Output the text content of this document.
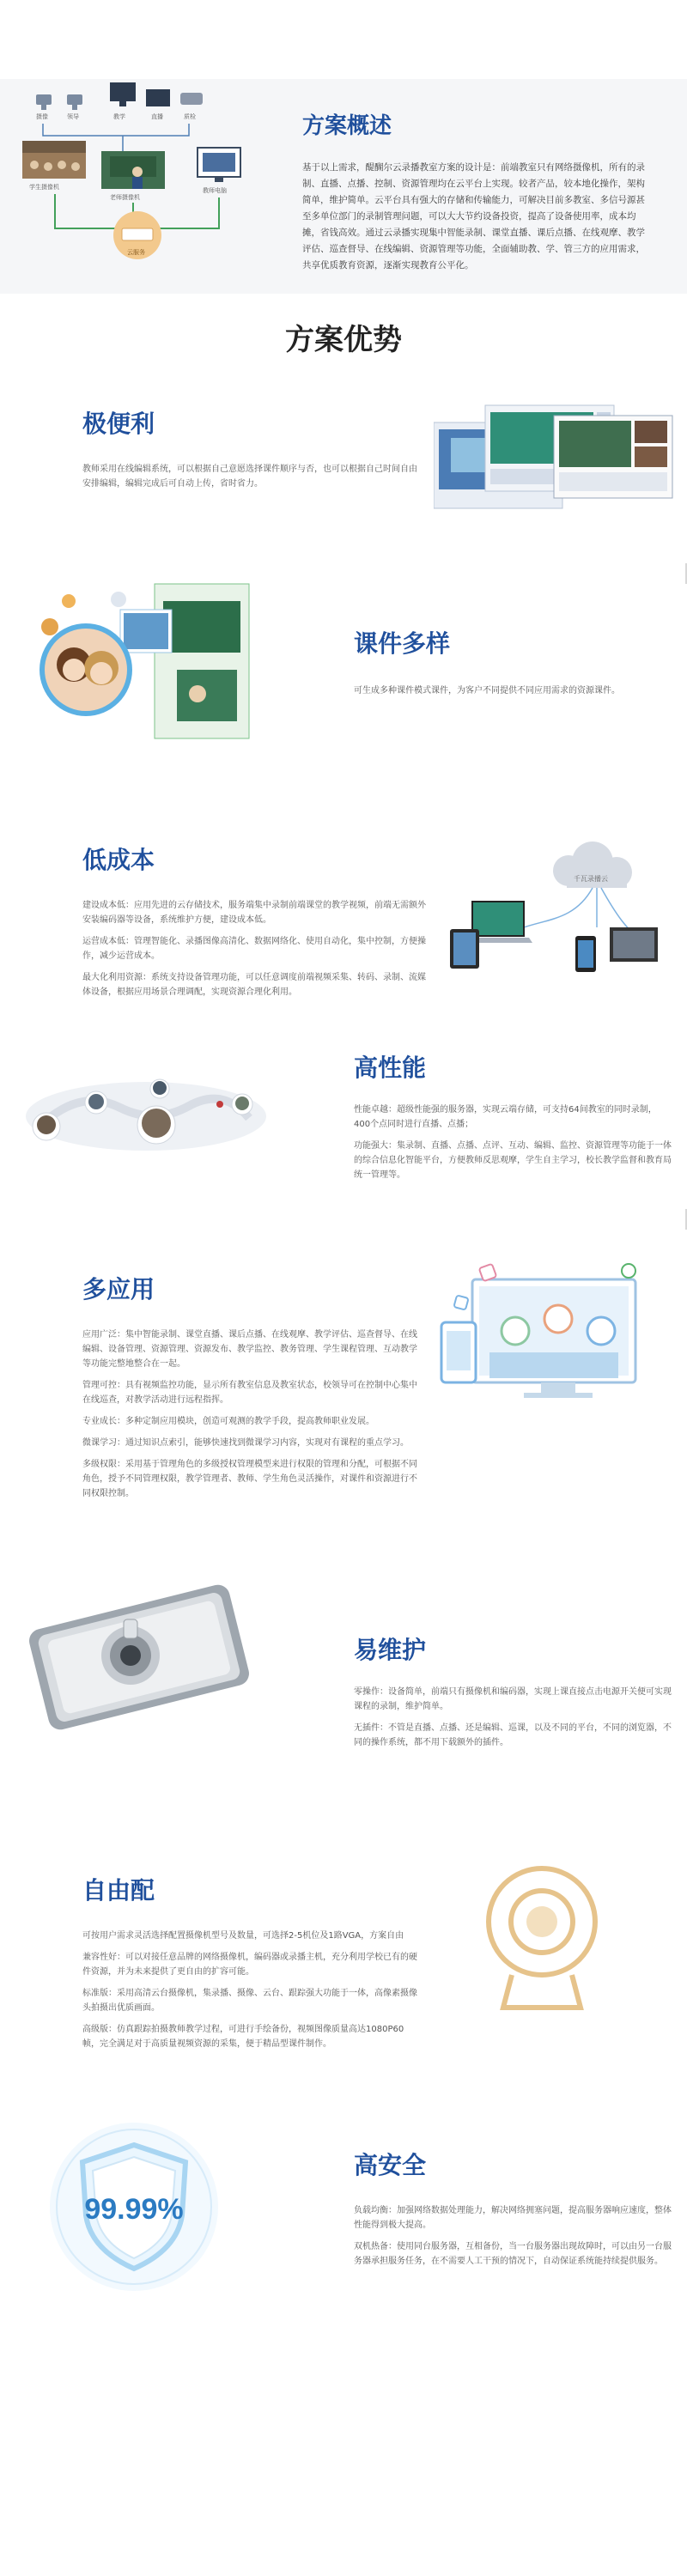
摄像	领导	教学	直播	质检
学生摄像机
老师摄像机
教师电脑
云服务
方案概述
基于以上需求，醍醐尔云录播教室方案的设计是：前端教室只有网络摄像机，所有的录制、直播、点播、控制、资源管理均在云平台上实现。较者产品，较本地化操作，架构简单，维护简单。云平台具有强大的存储和传输能力，可解决目前多教室、多信号源甚至多单位部门的录制管理问题，可以大大节约设备投资，提高了设备使用率，成本均摊，省钱高效。通过云录播实现集中智能录制、课堂直播、课后点播、在线观摩、教学评估、巡查督导、在线编辑、资源管理等功能，全面辅助教、学、管三方的应用需求，共享优质教育资源，逐渐实现教育公平化。
方案优势
极便利

教师采用在线编辑系统，可以根据自己意愿选择课件顺序与否，也可以根据自己时间自由安排编辑，编辑完成后可自动上传，省时省力。

课件多样

可生成多种课件模式课件，为客户不同提供不同应用需求的资源课件。

低成本

建设成本低：应用先进的云存储技术，服务端集中录制前端课堂的教学视频，前端无需额外安装编码器等设备，系统维护方便，建设成本低。

运营成本低：管理智能化、录播图像高清化、数据网络化、使用自动化，集中控制，方便操作，减少运营成本。

最大化利用资源：系统支持设备管理功能，可以任意调度前端视频采集、转码、录制、流媒体设备，根据应用场景合理调配，实现资源合理化利用。

千瓦录播云
高性能

性能卓越：超级性能强的服务器，实现云端存储，可支持64间教室的同时录制，400个点同时进行直播、点播；

功能强大：集录制、直播、点播、点评、互动、编辑、监控、资源管理等功能于一体的综合信息化智能平台，方便教师反思观摩，学生自主学习，校长教学监督和教育局统一管理等。

多应用

应用广泛：集中智能录制、课堂直播、课后点播、在线观摩、教学评估、巡查督导、在线编辑、设备管理、资源管理、资源发布、教学监控、教务管理、学生课程管理、互动教学等功能完整地整合在一起。

管理可控：具有视频监控功能，显示所有教室信息及教室状态，校领导可在控制中心集中在线巡查，对教学活动进行远程指挥。

专业成长：多种定制应用模块，创造可观测的教学手段，提高教师职业发展。

微课学习：通过知识点索引，能够快速找到微课学习内容，实现对有课程的重点学习。

多级权限：采用基于管理角色的多级授权管理模型来进行权限的管理和分配，可根据不同角色，授予不同管理权限，教学管理者、教师、学生角色灵活操作，对课件和资源进行不同权限控制。

易维护

零操作：设备简单，前端只有摄像机和编码器，实现上课直接点击电源开关便可实现课程的录制，维护简单。

无插件：不管是直播、点播、还是编辑、巡课，以及不同的平台，不同的浏览器，不同的操作系统，都不用下载额外的插件。

自由配

可按用户需求灵活选择配置摄像机型号及数量，可选择2-5机位及1路VGA，方案自由

兼容性好：可以对接任意品牌的网络摄像机，编码器或录播主机，充分利用学校已有的硬件资源，并为未来提供了更自由的扩容可能。

标准版：采用高清云台摄像机，集录播、摄像、云台、跟踪强大功能于一体，高像素摄像头拍摄出优质画面。

高级版：仿真跟踪拍摄教师教学过程，可进行手绘备份，视频图像质量高达1080P60帧，完全满足对于高质量视频资源的采集，便于精品型课件制作。

99.99%
高安全

负载均衡：加强网络数据处理能力，解决网络拥塞问题，提高服务器响应速度，整体性能得到极大提高。

双机热备：使用同台服务器，互相备份，当一台服务器出现故障时，可以由另一台服务器承担服务任务，在不需要人工干预的情况下，自动保证系统能持续提供服务。
